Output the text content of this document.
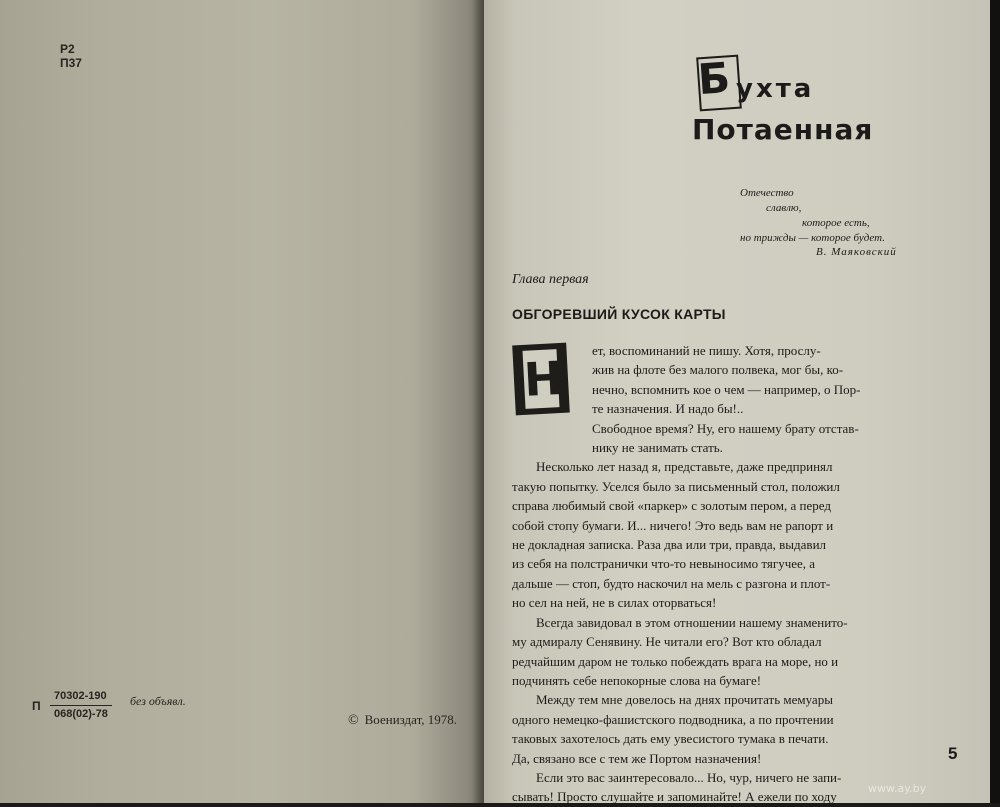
Р2
П37
П $\frac{70302-190}{068(02)-78}$ без объявл.
© Воениздат, 1978.
Б ухта
Потаенная
Отечество
славлю,
которое есть,
но трижды — которое будет.
В. Маяковский
Глава первая
ОБГОРЕВШИЙ КУСОК КАРТЫ
Н
ет, воспоминаний не пишу. Хотя, прослу-
жив на флоте без малого полвека, мог бы, ко-
нечно, вспомнить кое о чем — например, о Пор-
те назначения. И надо бы!..
Свободное время? Ну, его нашему брату отстав-
нику не занимать стать.
Несколько лет назад я, представьте, даже предпринял
такую попытку. Уселся было за письменный стол, положил
справа любимый свой «паркер» с золотым пером, а перед
собой стопу бумаги. И... ничего! Это ведь вам не рапорт и
не докладная записка. Раза два или три, правда, выдавил
из себя на полстранички что-то невыносимо тягучее, а
дальше — стоп, будто наскочил на мель с разгона и плот-
но сел на ней, не в силах оторваться!
Всегда завидовал в этом отношении нашему знаменито-
му адмиралу Сенявину. Не читали его? Вот кто обладал
редчайшим даром не только побеждать врага на море, но и
подчинять себе непокорные слова на бумаге!
Между тем мне довелось на днях прочитать мемуары
одного немецко-фашистского подводника, а по прочтении
таковых захотелось дать ему увесистого тумака в печати.
Да, связано все с тем же Портом назначения!
Если это вас заинтересовало... Но, чур, ничего не запи-
сывать! Просто слушайте и запоминайте! А ежели по ходу
5
www.ay.by
